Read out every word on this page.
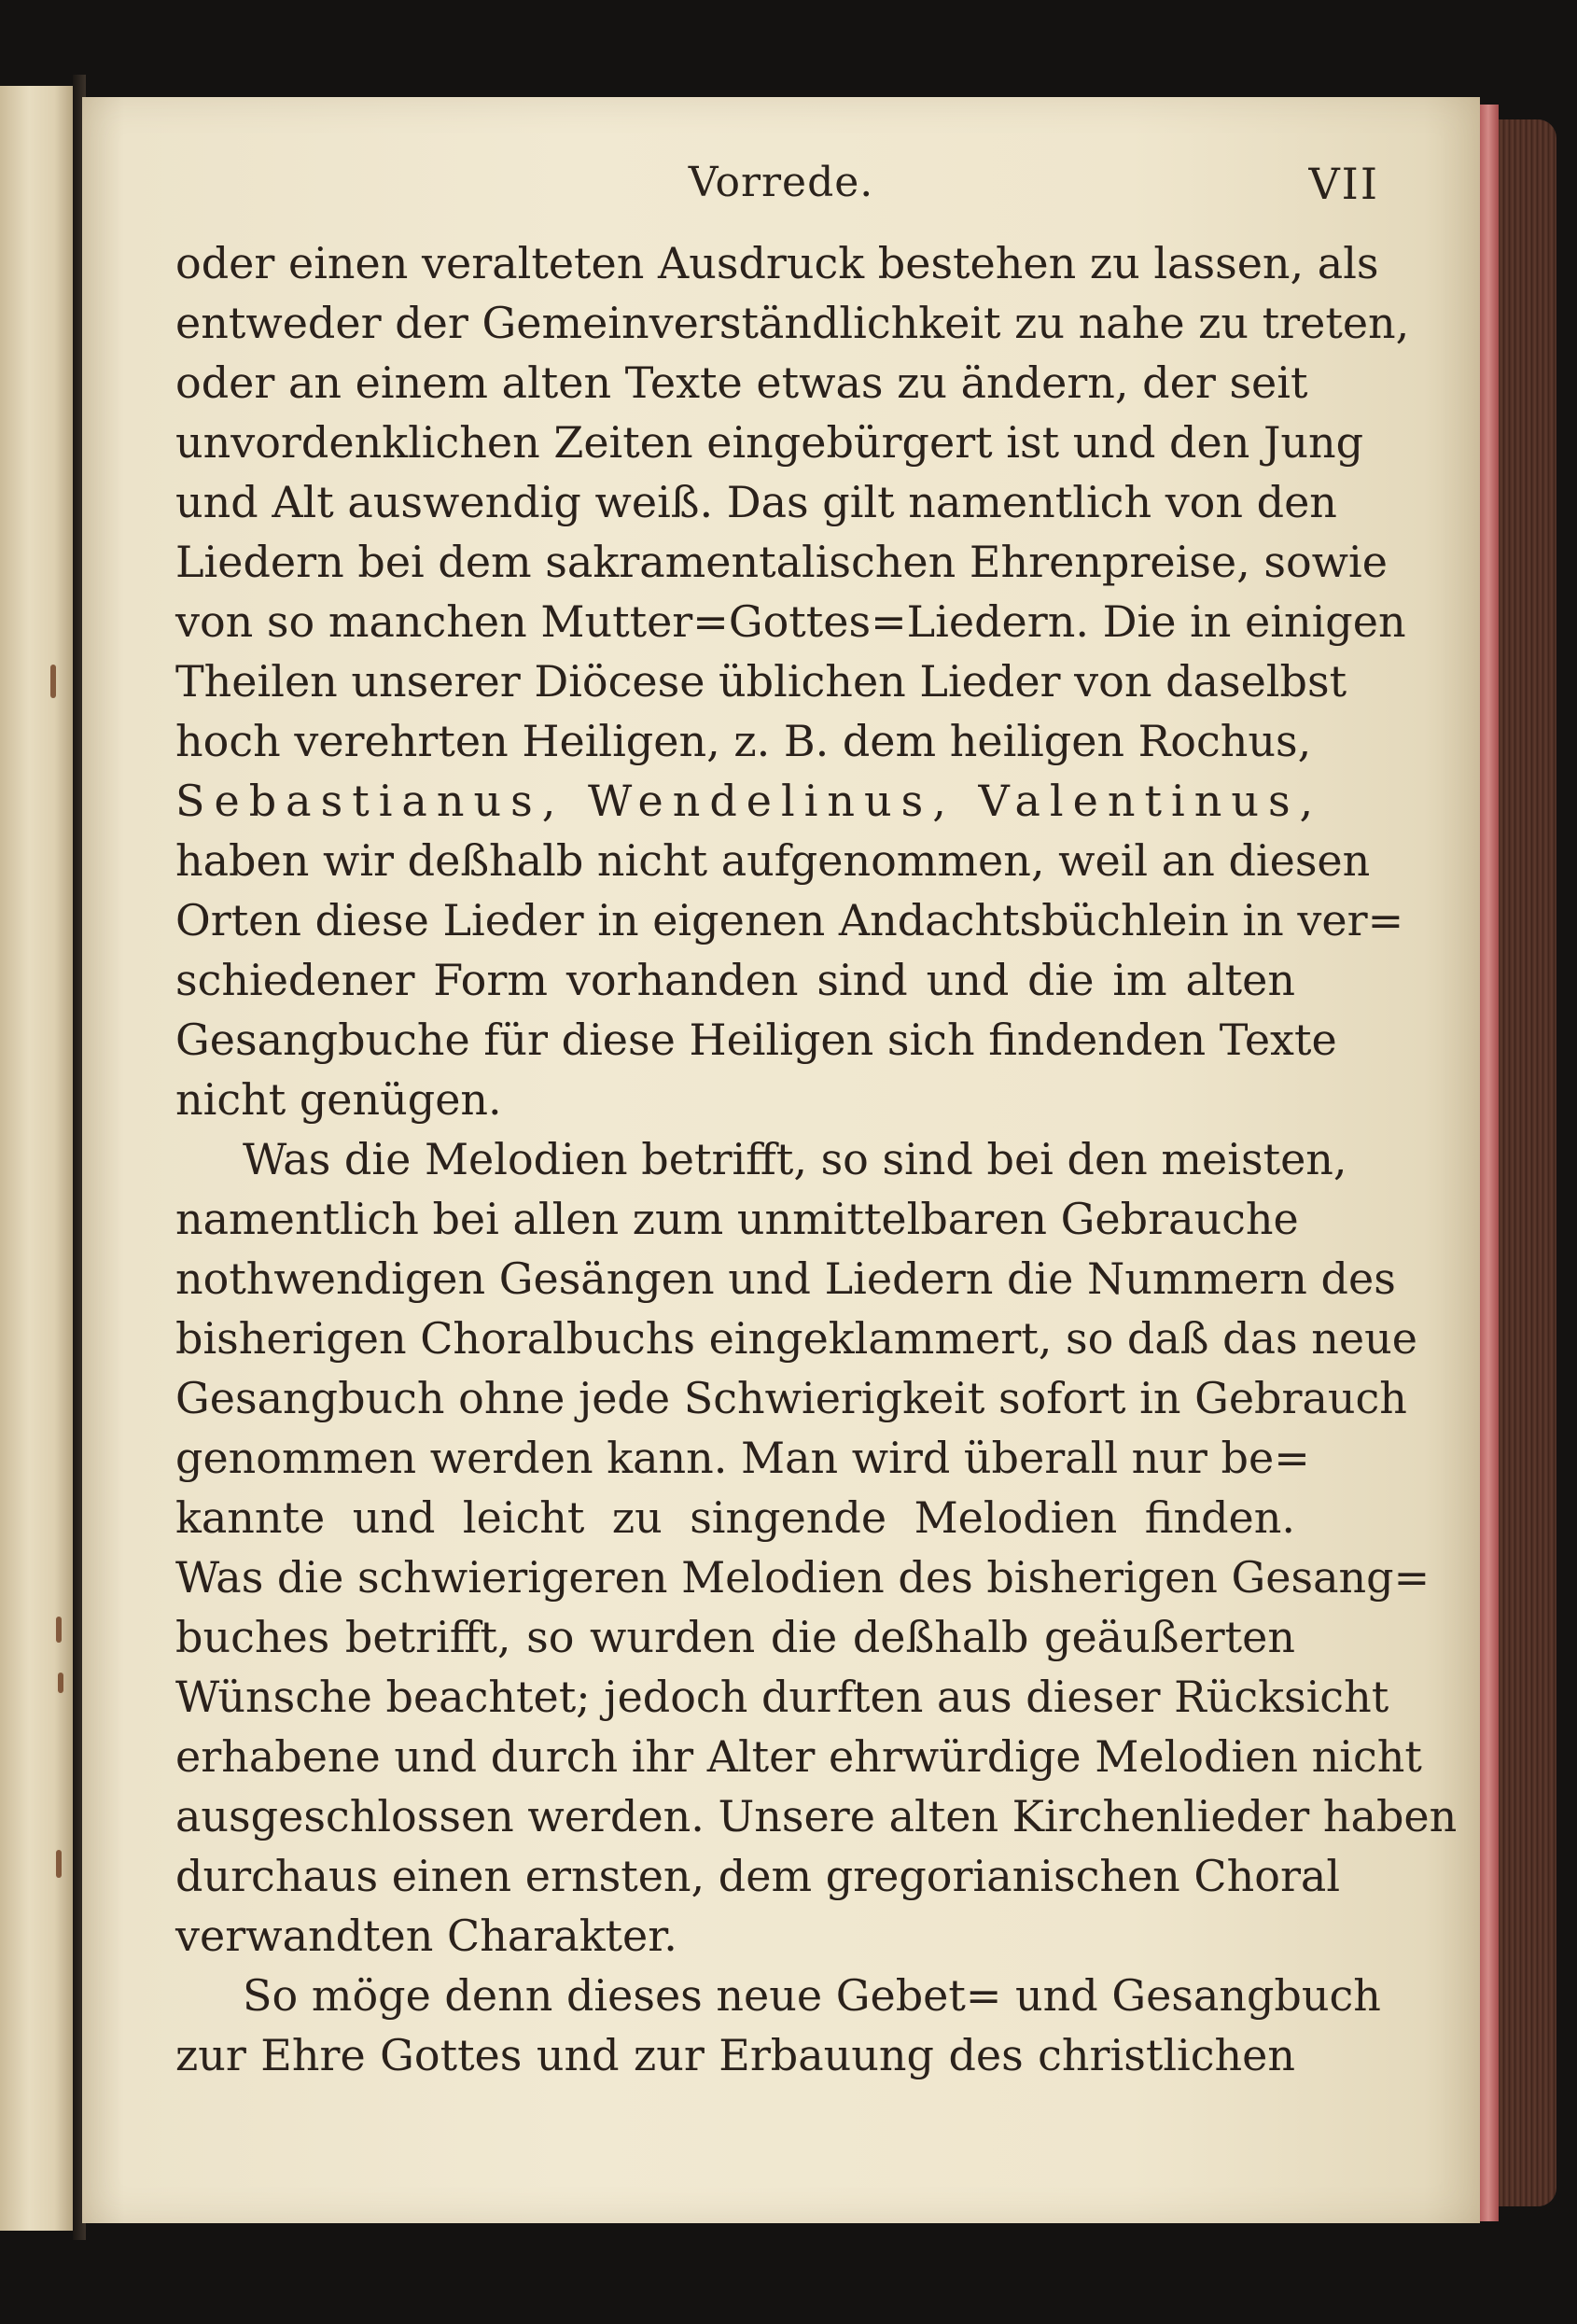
Vorrede.	VII
oder einen veralteten Ausdruck bestehen zu lassen, als
entweder der Gemeinverständlichkeit zu nahe zu treten,
oder an einem alten Texte etwas zu ändern, der seit
unvordenklichen Zeiten eingebürgert ist und den Jung
und Alt auswendig weiß. Das gilt namentlich von den
Liedern bei dem sakramentalischen Ehrenpreise, sowie
von so manchen Mutter=Gottes=Liedern. Die in einigen
Theilen unserer Diöcese üblichen Lieder von daselbst
hoch verehrten Heiligen, z. B. dem heiligen Rochus,
Sebastianus, Wendelinus, Valentinus,
haben wir deßhalb nicht aufgenommen, weil an diesen
Orten diese Lieder in eigenen Andachtsbüchlein in ver=
schiedener Form vorhanden sind und die im alten
Gesangbuche für diese Heiligen sich findenden Texte
nicht genügen.
Was die Melodien betrifft, so sind bei den meisten,
namentlich bei allen zum unmittelbaren Gebrauche
nothwendigen Gesängen und Liedern die Nummern des
bisherigen Choralbuchs eingeklammert, so daß das neue
Gesangbuch ohne jede Schwierigkeit sofort in Gebrauch
genommen werden kann. Man wird überall nur be=
kannte und leicht zu singende Melodien finden.
Was die schwierigeren Melodien des bisherigen Gesang=
buches betrifft, so wurden die deßhalb geäußerten
Wünsche beachtet; jedoch durften aus dieser Rücksicht
erhabene und durch ihr Alter ehrwürdige Melodien nicht
ausgeschlossen werden. Unsere alten Kirchenlieder haben
durchaus einen ernsten, dem gregorianischen Choral
verwandten Charakter.
So möge denn dieses neue Gebet= und Gesangbuch
zur Ehre Gottes und zur Erbauung des christlichen
